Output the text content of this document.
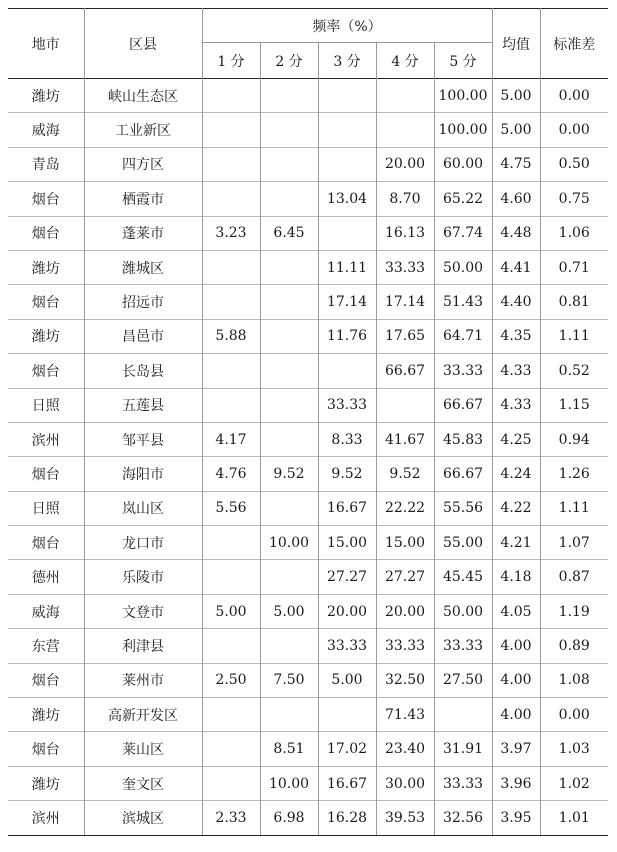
地市	区县	频率（%）					均值	标准差
		1 分	2 分	3 分	4 分	5 分		
潍坊	峡山生态区					100.00	5.00	0.00
威海	工业新区					100.00	5.00	0.00
青岛	四方区				20.00	60.00	4.75	0.50
烟台	栖霞市			13.04	8.70	65.22	4.60	0.75
烟台	蓬莱市	3.23	6.45		16.13	67.74	4.48	1.06
潍坊	潍城区			11.11	33.33	50.00	4.41	0.71
烟台	招远市			17.14	17.14	51.43	4.40	0.81
潍坊	昌邑市	5.88		11.76	17.65	64.71	4.35	1.11
烟台	长岛县				66.67	33.33	4.33	0.52
日照	五莲县			33.33		66.67	4.33	1.15
滨州	邹平县	4.17		8.33	41.67	45.83	4.25	0.94
烟台	海阳市	4.76	9.52	9.52	9.52	66.67	4.24	1.26
日照	岚山区	5.56		16.67	22.22	55.56	4.22	1.11
烟台	龙口市		10.00	15.00	15.00	55.00	4.21	1.07
德州	乐陵市			27.27	27.27	45.45	4.18	0.87
威海	文登市	5.00	5.00	20.00	20.00	50.00	4.05	1.19
东营	利津县			33.33	33.33	33.33	4.00	0.89
烟台	莱州市	2.50	7.50	5.00	32.50	27.50	4.00	1.08
潍坊	高新开发区				71.43		4.00	0.00
烟台	莱山区		8.51	17.02	23.40	31.91	3.97	1.03
潍坊	奎文区		10.00	16.67	30.00	33.33	3.96	1.02
滨州	滨城区	2.33	6.98	16.28	39.53	32.56	3.95	1.01
